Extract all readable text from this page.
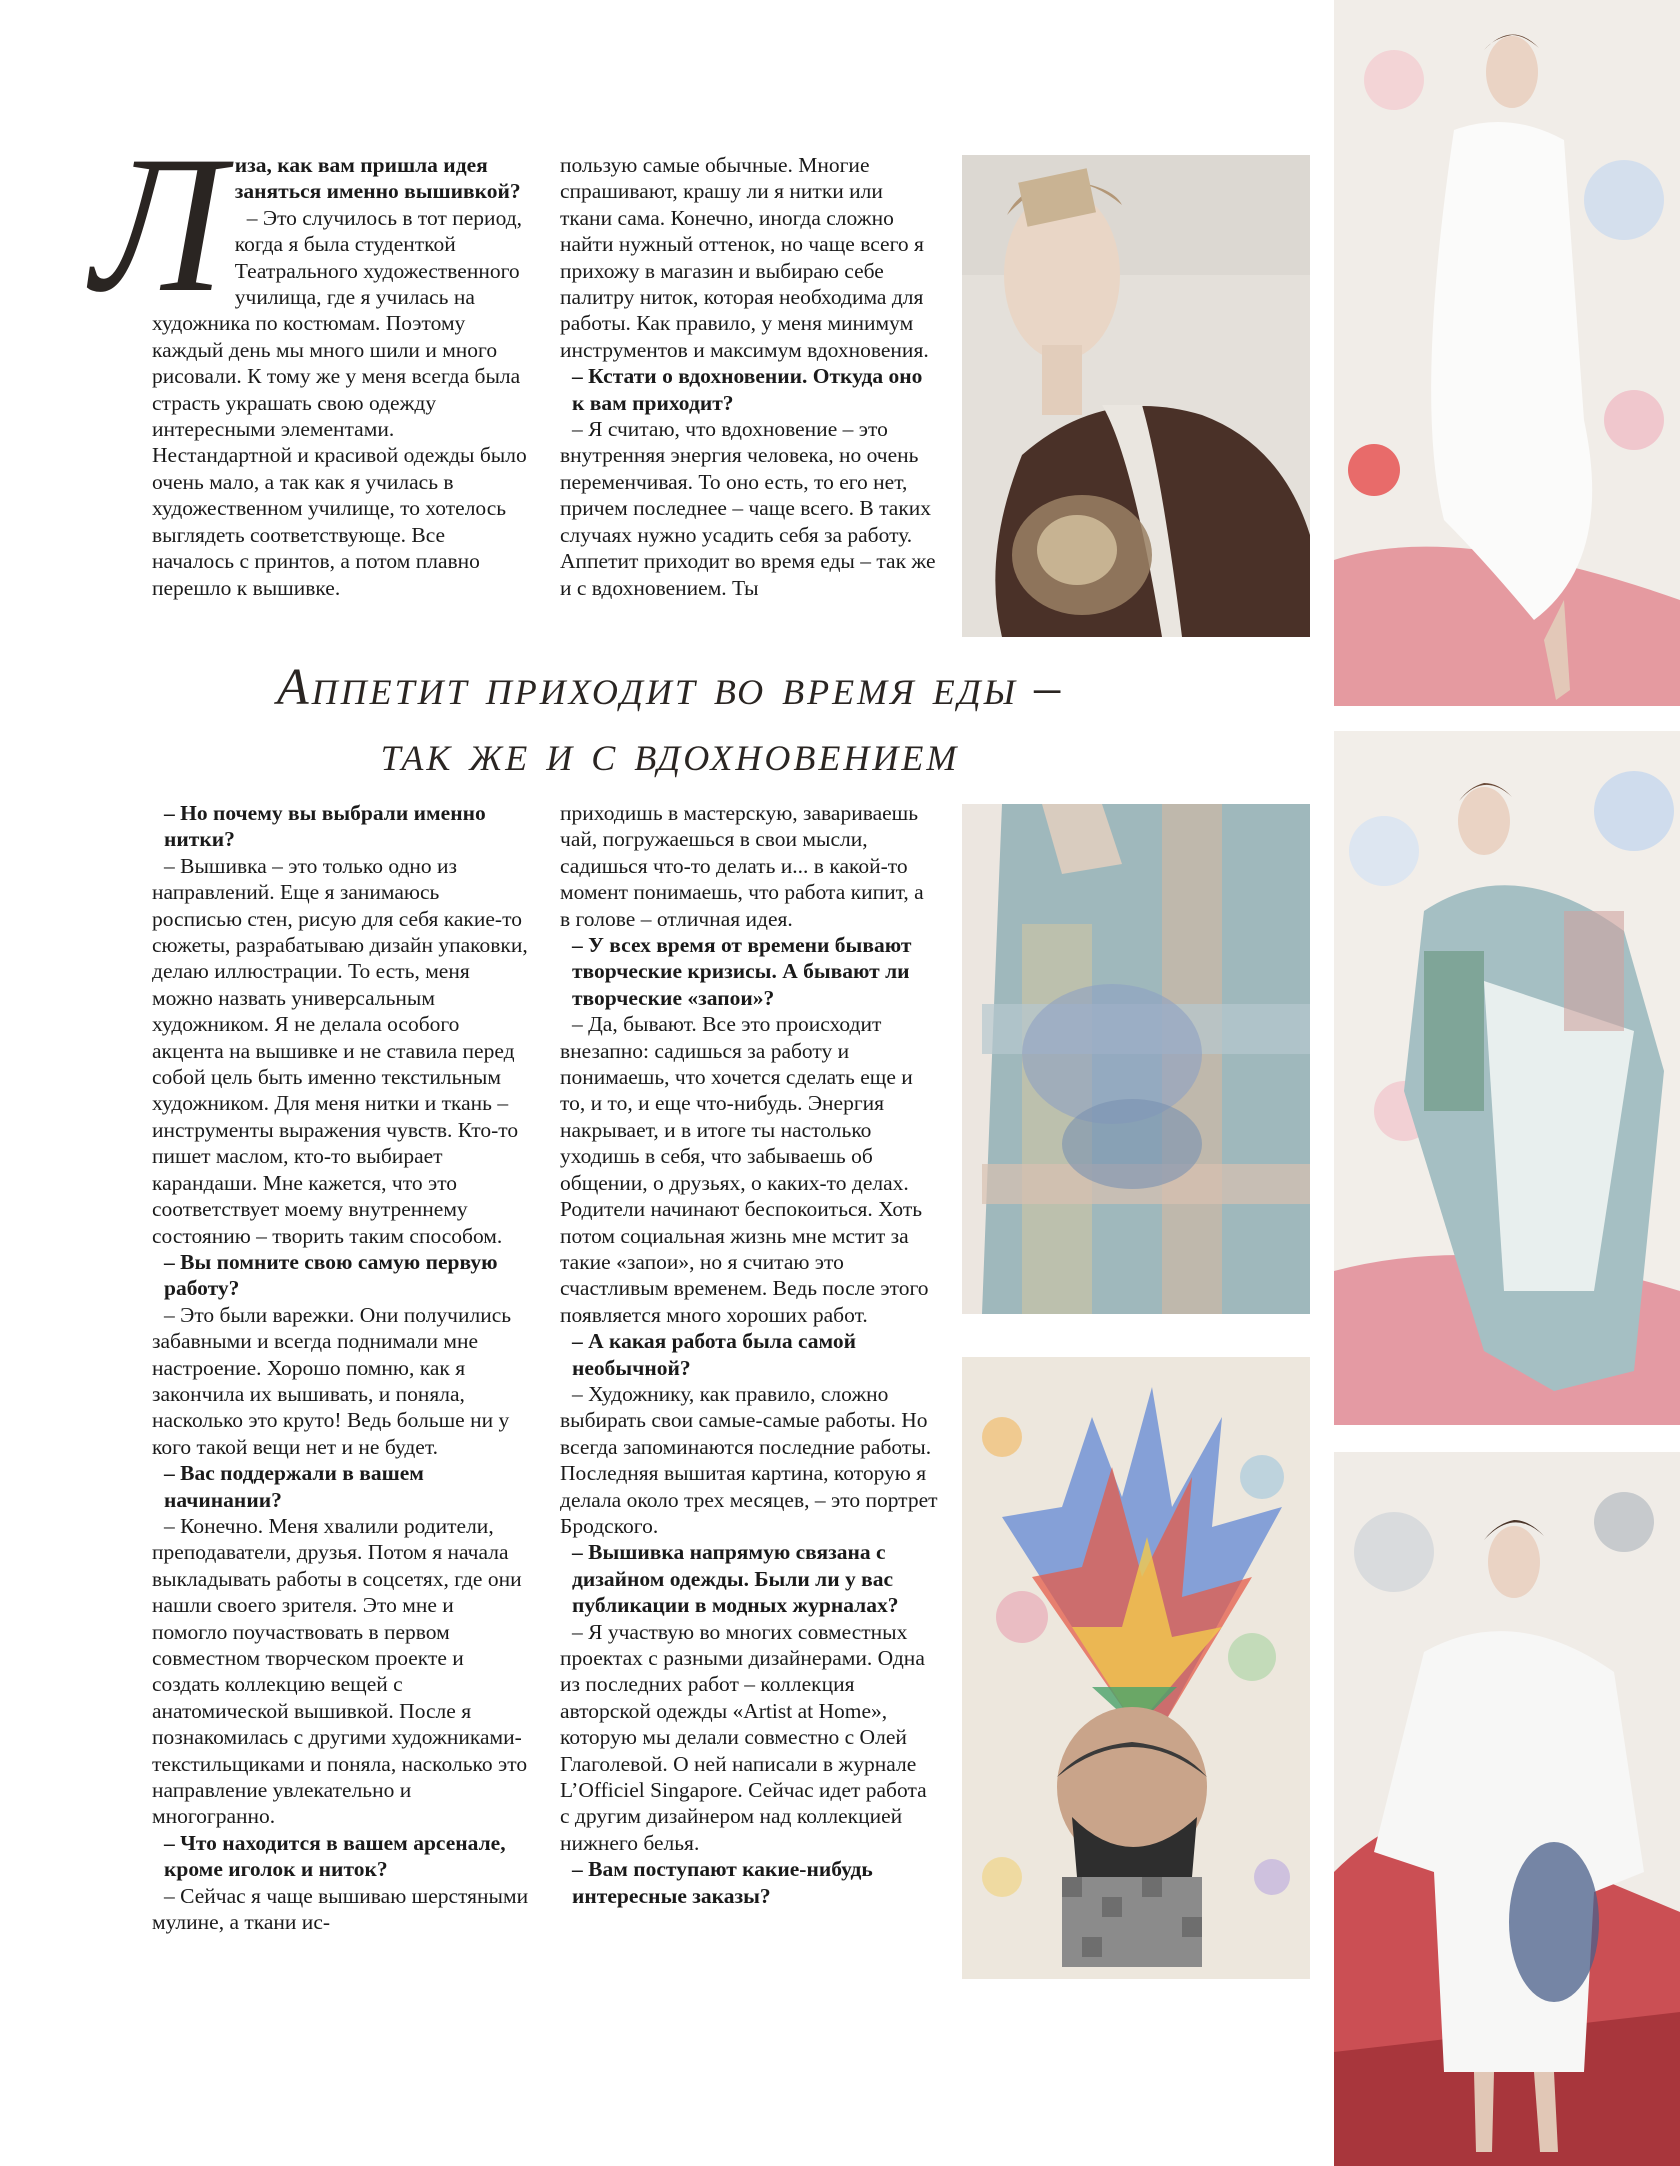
Л иза, как вам пришла идея заняться именно вышивкой?

– Это случилось в тот период, когда я была студенткой Театрального художественного училища, где я училась на художника по костюмам. Поэтому каждый день мы много шили и много рисовали. К тому же у меня всегда была страсть украшать свою одежду интересными элементами. Нестандартной и красивой одежды было очень мало, а так как я училась в художественном училище, то хотелось выглядеть соответствующе. Все началось с принтов, а потом плавно перешло к вышивке.

пользую самые обычные. Многие спрашивают, крашу ли я нитки или ткани сама. Конечно, иногда сложно найти нужный оттенок, но чаще всего я прихожу в магазин и выбираю себе палитру ниток, которая необходима для работы. Как правило, у меня минимум инструментов и максимум вдохновения.

– Кстати о вдохновении. Откуда оно к вам приходит?

– Я считаю, что вдохновение – это внутренняя энергия человека, но очень переменчивая. То оно есть, то его нет, причем последнее – чаще всего. В таких случаях нужно усадить себя за работу. Аппетит приходит во время еды – так же и с вдохновением. Ты

Аппетит приходит во время еды –
так же и с вдохновением

– Но почему вы выбрали именно нитки?

– Вышивка – это только одно из направлений. Еще я занимаюсь росписью стен, рисую для себя какие-то сюжеты, разрабатываю дизайн упаковки, делаю иллюстрации. То есть, меня можно назвать универсальным художником. Я не делала особого акцента на вышивке и не ставила перед собой цель быть именно текстильным художником. Для меня нитки и ткань – инструменты выражения чувств. Кто-то пишет маслом, кто-то выбирает карандаши. Мне кажется, что это соответствует моему внутреннему состоянию – творить таким способом.

– Вы помните свою самую первую работу?

– Это были варежки. Они получились забавными и всегда поднимали мне настроение. Хорошо помню, как я закончила их вышивать, и поняла, насколько это круто! Ведь больше ни у кого такой вещи нет и не будет.

– Вас поддержали в вашем начинании?

– Конечно. Меня хвалили родители, преподаватели, друзья. Потом я начала выкладывать работы в соцсетях, где они нашли своего зрителя. Это мне и помогло поучаствовать в первом совместном творческом проекте и создать коллекцию вещей с анатомической вышивкой. После я познакомилась с другими художниками-текстильщиками и поняла, насколько это направление увлекательно и многогранно.

– Что находится в вашем арсенале, кроме иголок и ниток?

– Сейчас я чаще вышиваю шерстяными мулине, а ткани ис-

приходишь в мастерскую, завариваешь чай, погружаешься в свои мысли, садишься что-то делать и... в какой-то момент понимаешь, что работа кипит, а в голове – отличная идея.

– У всех время от времени бывают творческие кризисы. А бывают ли творческие «запои»?

– Да, бывают. Все это происходит внезапно: садишься за работу и понимаешь, что хочется сделать еще и то, и то, и еще что-нибудь. Энергия накрывает, и в итоге ты настолько уходишь в себя, что забываешь об общении, о друзьях, о каких-то делах. Родители начинают беспокоиться. Хоть потом социальная жизнь мне мстит за такие «запои», но я считаю это счастливым временем. Ведь после этого появляется много хороших работ.

– А какая работа была самой необычной?

– Художнику, как правило, сложно выбирать свои самые-самые работы. Но всегда запоминаются последние работы. Последняя вышитая картина, которую я делала около трех месяцев, – это портрет Бродского.

– Вышивка напрямую связана с дизайном одежды. Были ли у вас публикации в модных журналах?

– Я участвую во многих совместных проектах с разными дизайнерами. Одна из последних работ – коллекция авторской одежды «Artist at Home», которую мы делали совместно с Олей Глаголевой. О ней написали в журнале L’Officiel Singapore. Сейчас идет работа с другим дизайнером над коллекцией нижнего белья.

– Вам поступают какие-нибудь интересные заказы?
